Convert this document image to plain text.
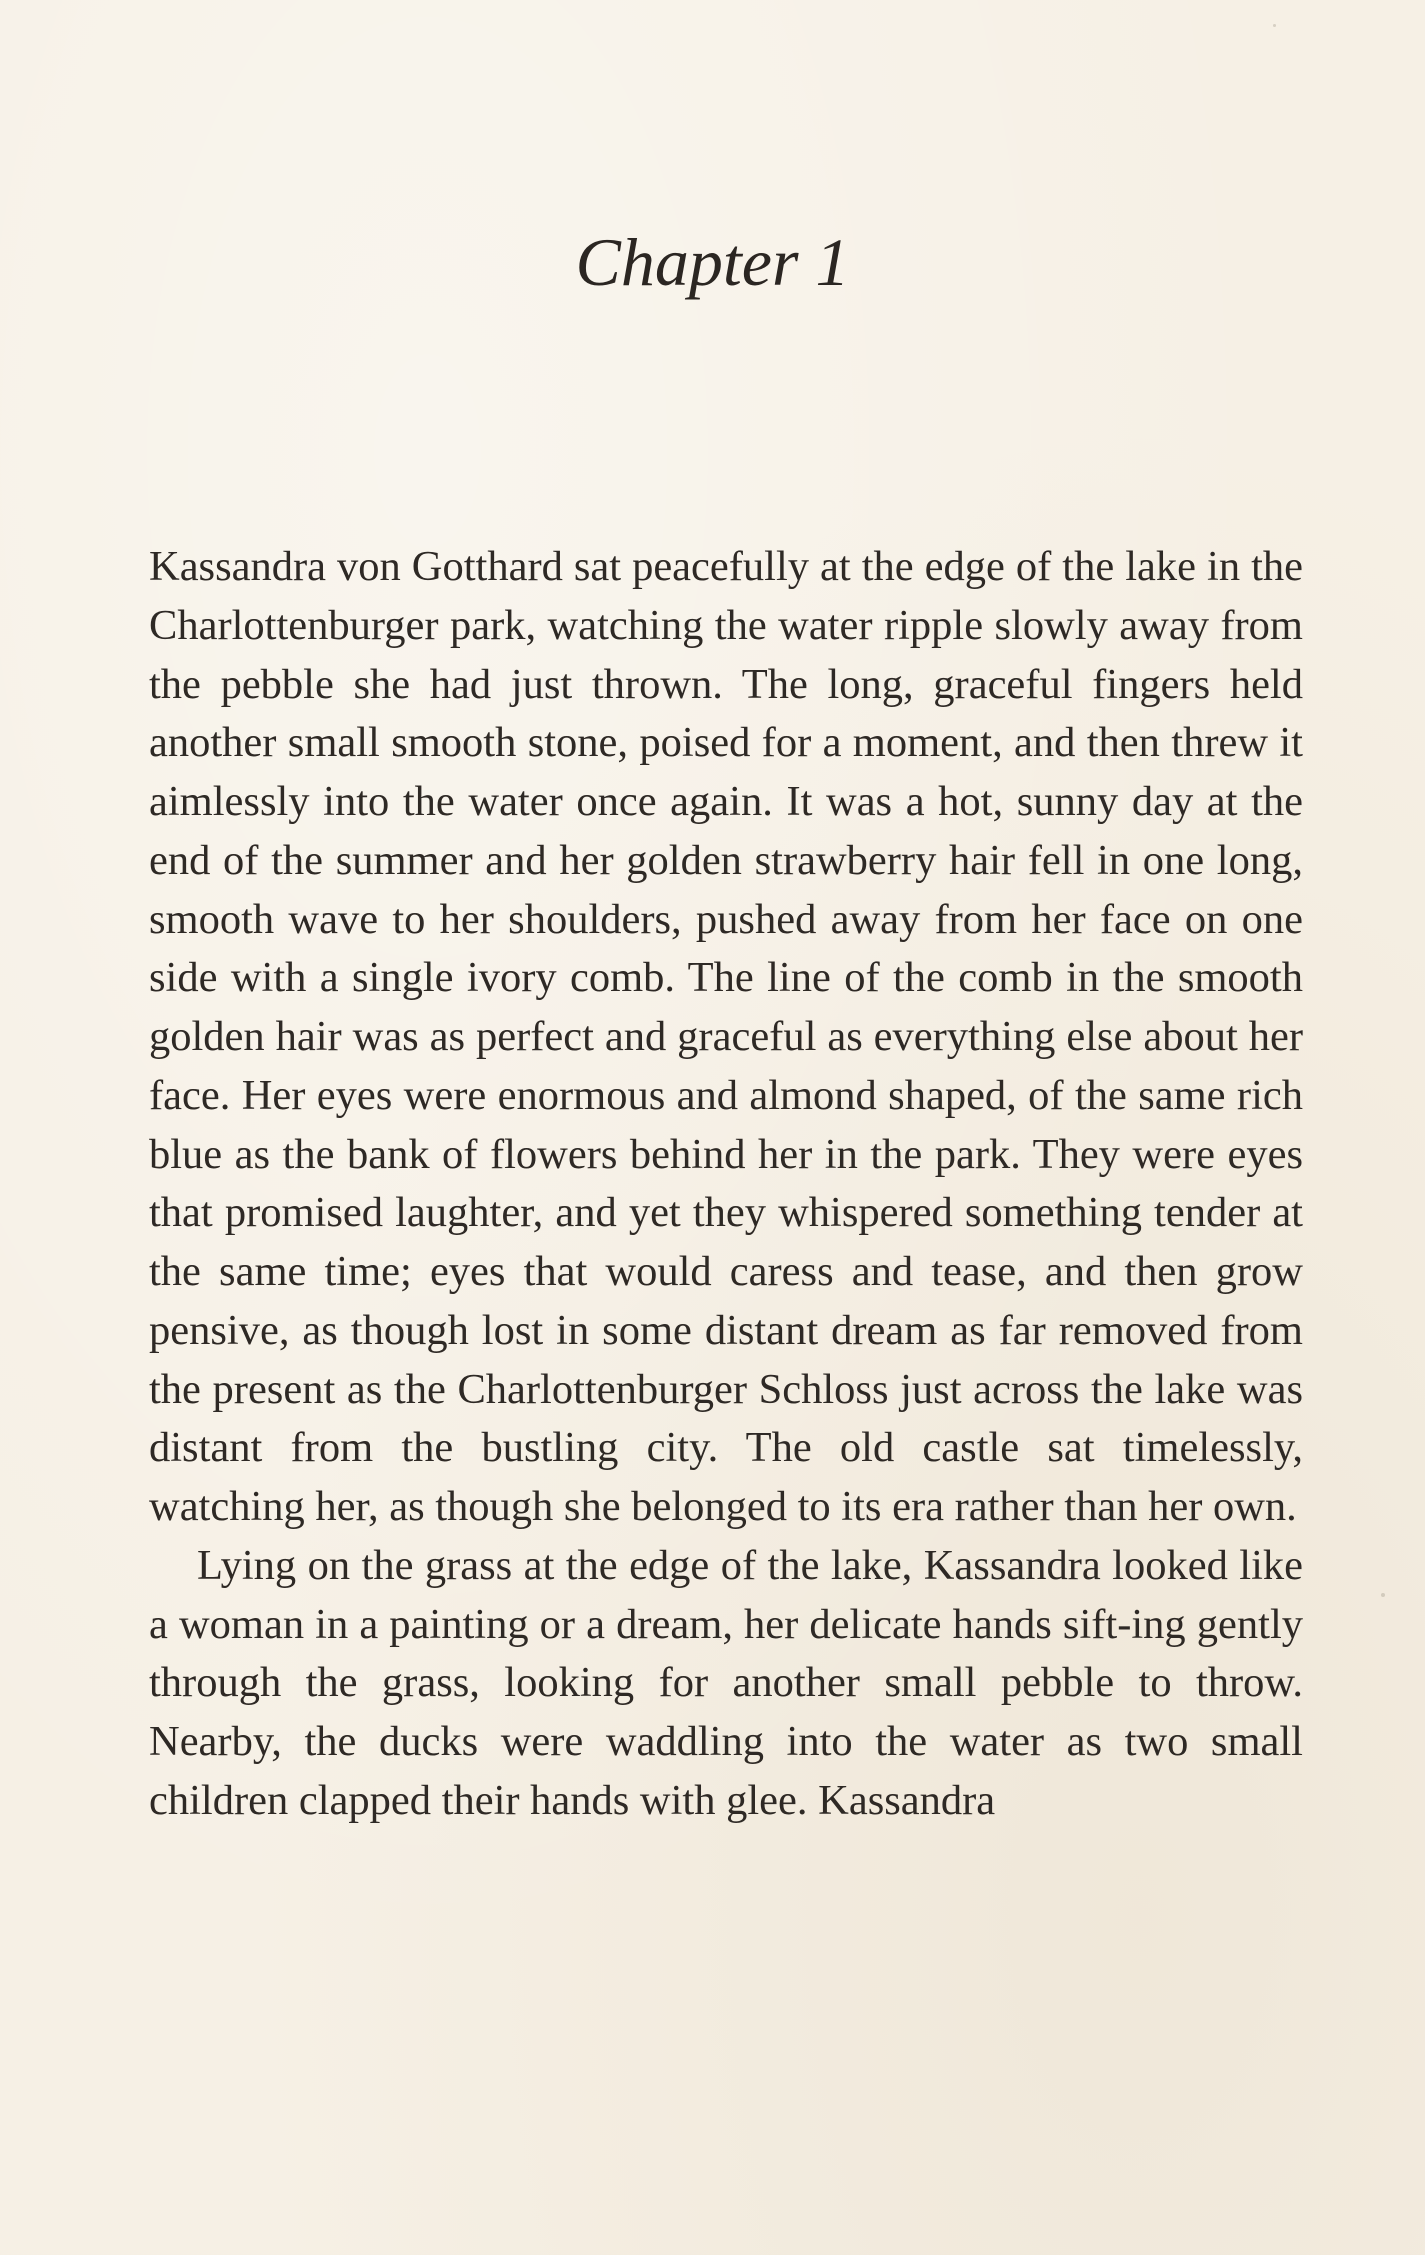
Chapter 1

Kassandra von Gotthard sat peacefully at the edge of the lake in the Charlottenburger park, watching the water ripple slowly away from the pebble she had just thrown. The long, graceful fingers held another small smooth stone, poised for a moment, and then threw it aimlessly into the water once again. It was a hot, sunny day at the end of the summer and her golden strawberry hair fell in one long, smooth wave to her shoulders, pushed away from her face on one side with a single ivory comb. The line of the comb in the smooth golden hair was as perfect and graceful as everything else about her face. Her eyes were enormous and almond shaped, of the same rich blue as the bank of flowers behind her in the park. They were eyes that promised laughter, and yet they whispered something tender at the same time; eyes that would caress and tease, and then grow pensive, as though lost in some distant dream as far removed from the present as the Charlottenburger Schloss just across the lake was distant from the bustling city. The old castle sat timelessly, watching her, as though she belonged to its era rather than her own.

Lying on the grass at the edge of the lake, Kassandra looked like a woman in a painting or a dream, her delicate hands sift-ing gently through the grass, looking for another small pebble to throw. Nearby, the ducks were waddling into the water as two small children clapped their hands with glee. Kassandra
